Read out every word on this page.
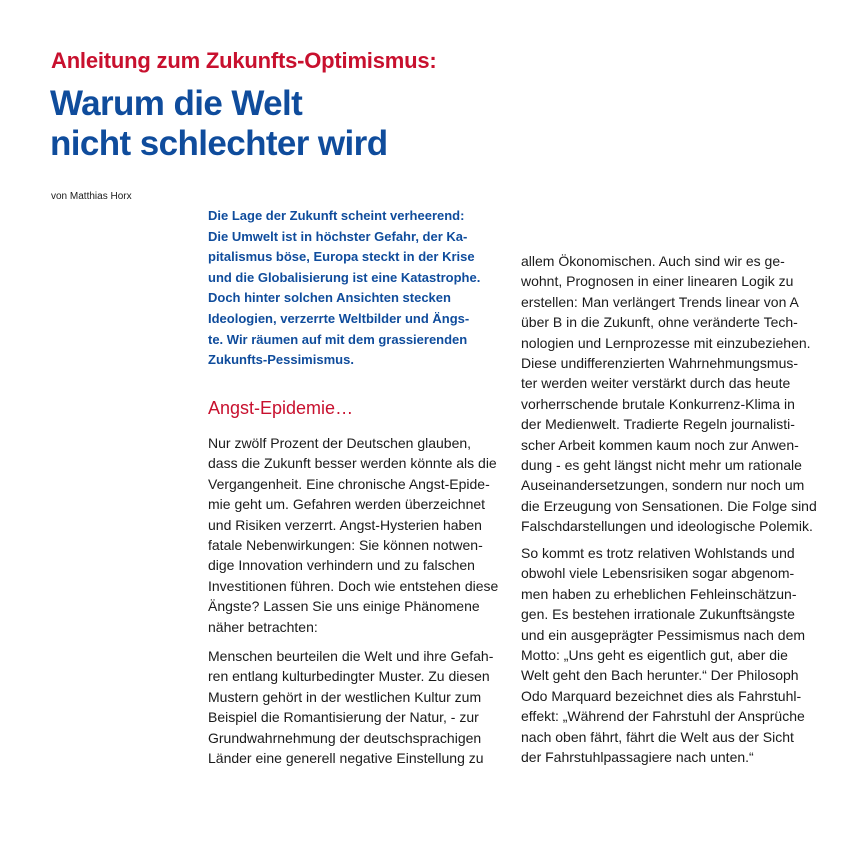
Anleitung zum Zukunfts-Optimismus:
Warum die Welt
nicht schlechter wird
von Matthias Horx
Die Lage der Zukunft scheint verheerend:
Die Umwelt ist in höchster Gefahr, der Ka-
pitalismus böse, Europa steckt in der Krise
und die Globalisierung ist eine Katastrophe.
Doch hinter solchen Ansichten stecken
Ideologien, verzerrte Weltbilder und Ängs-
te. Wir räumen auf mit dem grassierenden
Zukunfts-Pessimismus.
Angst-Epidemie…
Nur zwölf Prozent der Deutschen glauben,
dass die Zukunft besser werden könnte als die
Vergangenheit. Eine chronische Angst-Epide-
mie geht um. Gefahren werden überzeichnet
und Risiken verzerrt. Angst-Hysterien haben
fatale Nebenwirkungen: Sie können notwen-
dige Innovation verhindern und zu falschen
Investitionen führen. Doch wie entstehen diese
Ängste? Lassen Sie uns einige Phänomene
näher betrachten:
Menschen beurteilen die Welt und ihre Gefah-
ren entlang kulturbedingter Muster. Zu diesen
Mustern gehört in der westlichen Kultur zum
Beispiel die Romantisierung der Natur, - zur
Grundwahrnehmung der deutschsprachigen
Länder eine generell negative Einstellung zu
allem Ökonomischen. Auch sind wir es ge-
wohnt, Prognosen in einer linearen Logik zu
erstellen: Man verlängert Trends linear von A
über B in die Zukunft, ohne veränderte Tech-
nologien und Lernprozesse mit einzubeziehen.
Diese undifferenzierten Wahrnehmungsmus-
ter werden weiter verstärkt durch das heute
vorherrschende brutale Konkurrenz-Klima in
der Medienwelt. Tradierte Regeln journalisti-
scher Arbeit kommen kaum noch zur Anwen-
dung - es geht längst nicht mehr um rationale
Auseinandersetzungen, sondern nur noch um
die Erzeugung von Sensationen. Die Folge sind
Falschdarstellungen und ideologische Polemik.
So kommt es trotz relativen Wohlstands und
obwohl viele Lebensrisiken sogar abgenom-
men haben zu erheblichen Fehleinschätzun-
gen. Es bestehen irrationale Zukunftsängste
und ein ausgeprägter Pessimismus nach dem
Motto: „Uns geht es eigentlich gut, aber die
Welt geht den Bach herunter.“ Der Philosoph
Odo Marquard bezeichnet dies als Fahrstuhl-
effekt: „Während der Fahrstuhl der Ansprüche
nach oben fährt, fährt die Welt aus der Sicht
der Fahrstuhlpassagiere nach unten.“
